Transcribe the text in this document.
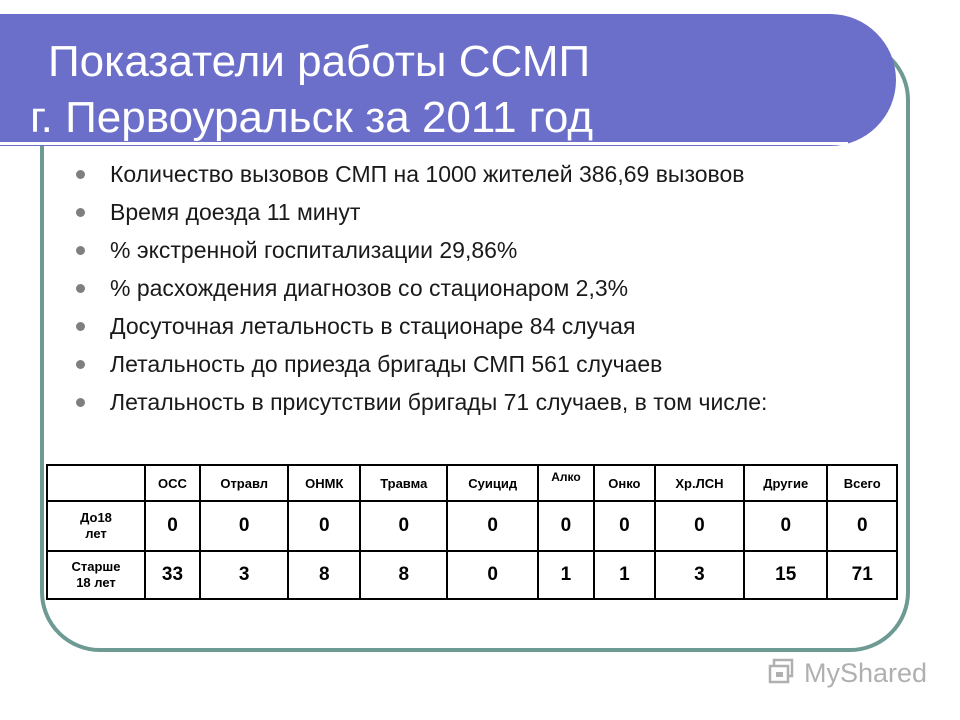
Показатели работы ССМП
г. Первоуральск за 2011 год
Количество вызовов СМП на 1000 жителей 386,69 вызовов
Время доезда 11 минут
% экстренной госпитализации 29,86%
% расхождения диагнозов со стационаром 2,3%
Досуточная летальность в стационаре 84 случая
Летальность до приезда бригады СМП 561 случаев
Летальность в присутствии бригады 71 случаев, в том числе:
	ОСС	Отравл	ОНМК	Травма	Суицид	Алко	Онко	Хр.ЛСН	Другие	Всего
До18
лет	0	0	0	0	0	0	0	0	0	0
Старше
18 лет	33	3	8	8	0	1	1	3	15	71
MyShared
